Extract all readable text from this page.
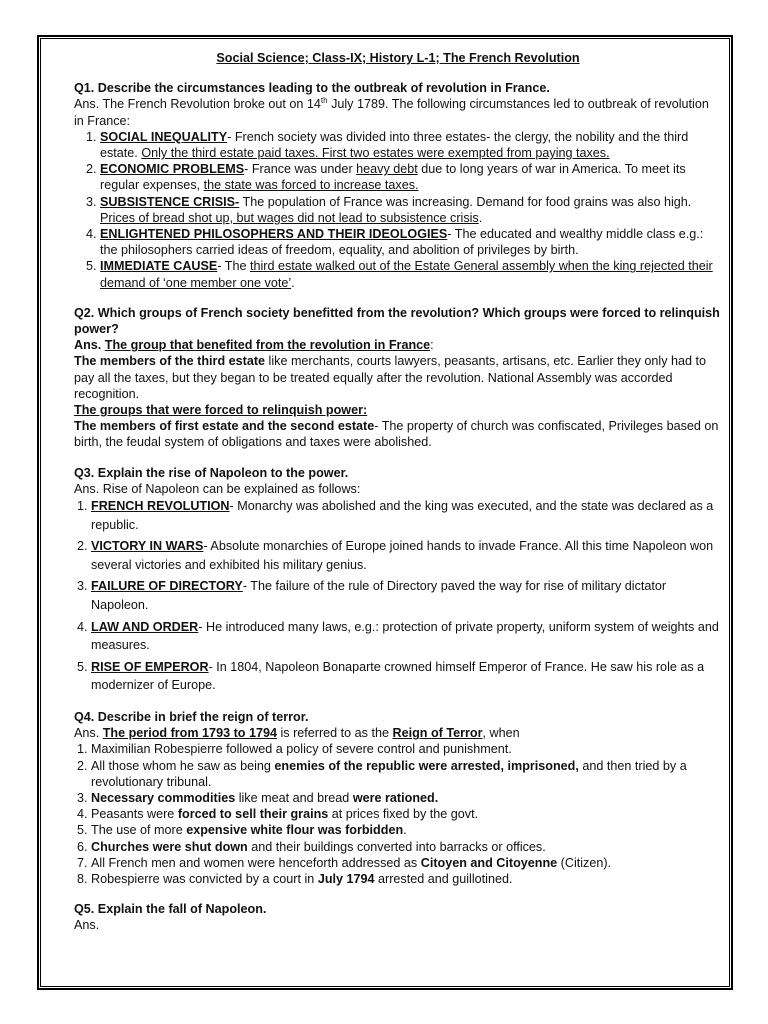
Social Science; Class-IX; History L-1; The French Revolution
Q1. Describe the circumstances leading to the outbreak of revolution in France.
Ans. The French Revolution broke out on 14th July 1789. The following circumstances led to outbreak of revolution in France:
1. SOCIAL INEQUALITY- French society was divided into three estates- the clergy, the nobility and the third estate. Only the third estate paid taxes. First two estates were exempted from paying taxes.
2. ECONOMIC PROBLEMS- France was under heavy debt due to long years of war in America. To meet its regular expenses, the state was forced to increase taxes.
3. SUBSISTENCE CRISIS- The population of France was increasing. Demand for food grains was also high. Prices of bread shot up, but wages did not lead to subsistence crisis.
4. ENLIGHTENED PHILOSOPHERS AND THEIR IDEOLOGIES- The educated and wealthy middle class e.g.: the philosophers carried ideas of freedom, equality, and abolition of privileges by birth.
5. IMMEDIATE CAUSE- The third estate walked out of the Estate General assembly when the king rejected their demand of ‘one member one vote’.
Q2. Which groups of French society benefitted from the revolution? Which groups were forced to relinquish power?
Ans. The group that benefited from the revolution in France:
The members of the third estate like merchants, courts lawyers, peasants, artisans, etc. Earlier they only had to pay all the taxes, but they began to be treated equally after the revolution. National Assembly was accorded recognition.
The groups that were forced to relinquish power:
The members of first estate and the second estate- The property of church was confiscated, Privileges based on birth, the feudal system of obligations and taxes were abolished.
Q3. Explain the rise of Napoleon to the power.
Ans. Rise of Napoleon can be explained as follows:
1. FRENCH REVOLUTION- Monarchy was abolished and the king was executed, and the state was declared as a republic.
2. VICTORY IN WARS- Absolute monarchies of Europe joined hands to invade France. All this time Napoleon won several victories and exhibited his military genius.
3. FAILURE OF DIRECTORY- The failure of the rule of Directory paved the way for rise of military dictator Napoleon.
4. LAW AND ORDER- He introduced many laws, e.g.: protection of private property, uniform system of weights and measures.
5. RISE OF EMPEROR- In 1804, Napoleon Bonaparte crowned himself Emperor of France. He saw his role as a modernizer of Europe.
Q4. Describe in brief the reign of terror.
Ans. The period from 1793 to 1794 is referred to as the Reign of Terror, when
1. Maximilian Robespierre followed a policy of severe control and punishment.
2. All those whom he saw as being enemies of the republic were arrested, imprisoned, and then tried by a revolutionary tribunal.
3. Necessary commodities like meat and bread were rationed.
4. Peasants were forced to sell their grains at prices fixed by the govt.
5. The use of more expensive white flour was forbidden.
6. Churches were shut down and their buildings converted into barracks or offices.
7. All French men and women were henceforth addressed as Citoyen and Citoyenne (Citizen).
8. Robespierre was convicted by a court in July 1794 arrested and guillotined.
Q5. Explain the fall of Napoleon.
Ans.
